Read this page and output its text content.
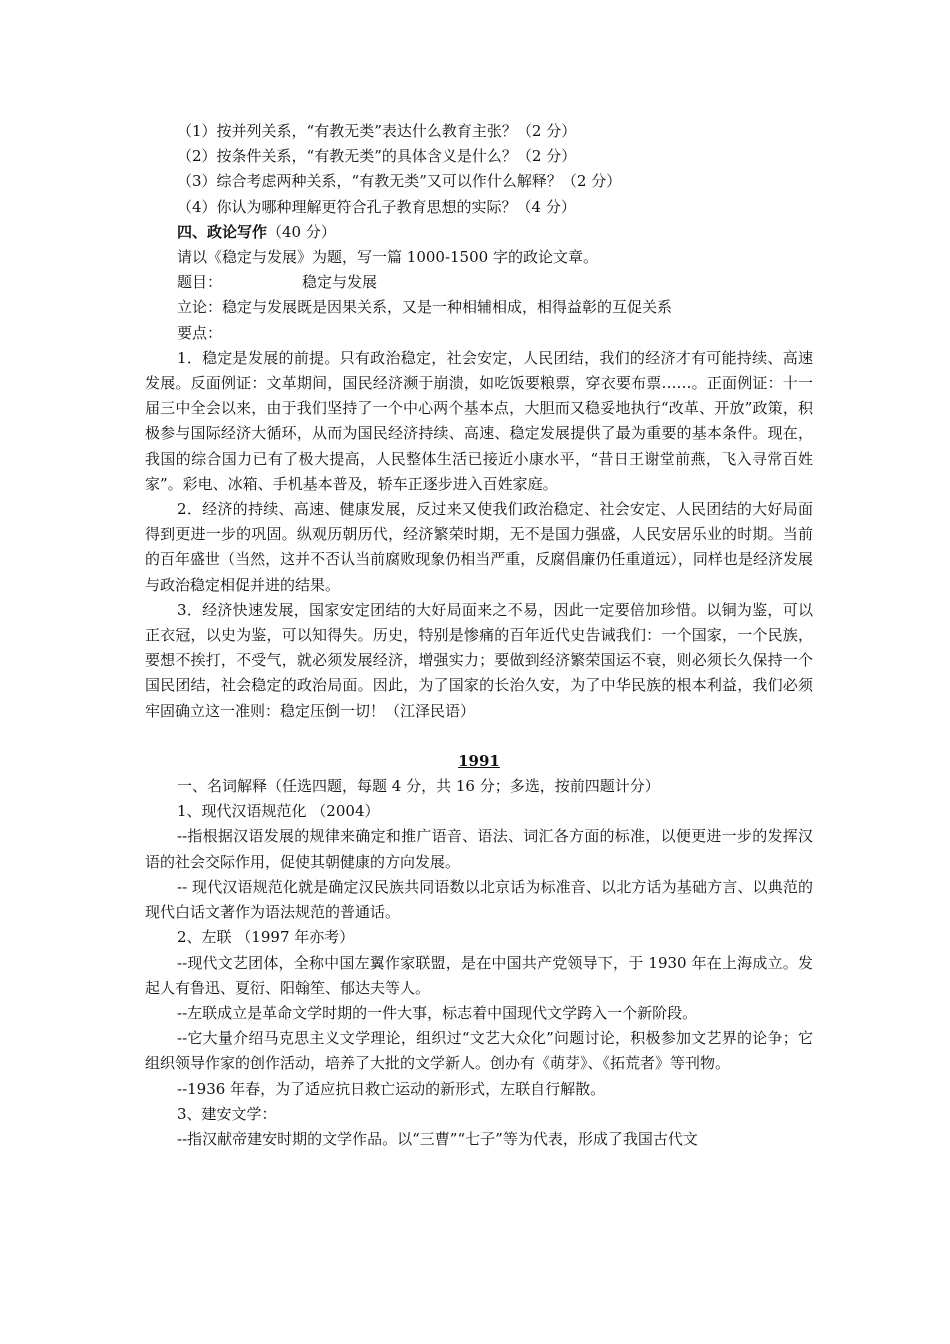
（1）按并列关系，“有教无类”表达什么教育主张？（2 分）

（2）按条件关系，“有教无类”的具体含义是什么？（2 分）

（3）综合考虑两种关系，“有教无类”又可以作什么解释？（2 分）

（4）你认为哪种理解更符合孔子教育思想的实际？（4 分）

四、政论写作（40 分）

请以《稳定与发展》为题，写一篇 1000-1500 字的政论文章。

题目：	稳定与发展

立论：稳定与发展既是因果关系，又是一种相辅相成，相得益彰的互促关系

要点：

1．稳定是发展的前提。只有政治稳定，社会安定，人民团结，我们的经济才有可能持续、高速发展。反面例证：文革期间，国民经济濒于崩溃，如吃饭要粮票，穿衣要布票……。正面例证：十一届三中全会以来，由于我们坚持了一个中心两个基本点，大胆而又稳妥地执行“改革、开放”政策，积极参与国际经济大循环，从而为国民经济持续、高速、稳定发展提供了最为重要的基本条件。现在，我国的综合国力已有了极大提高，人民整体生活已接近小康水平，“昔日王谢堂前燕，飞入寻常百姓家”。彩电、冰箱、手机基本普及，轿车正逐步进入百姓家庭。

2．经济的持续、高速、健康发展，反过来又使我们政治稳定、社会安定、人民团结的大好局面得到更进一步的巩固。纵观历朝历代，经济繁荣时期，无不是国力强盛，人民安居乐业的时期。当前的百年盛世（当然，这并不否认当前腐败现象仍相当严重，反腐倡廉仍任重道远），同样也是经济发展与政治稳定相促并进的结果。

3．经济快速发展，国家安定团结的大好局面来之不易，因此一定要倍加珍惜。以铜为鉴，可以正衣冠，以史为鉴，可以知得失。历史，特别是惨痛的百年近代史告诫我们：一个国家，一个民族，要想不挨打，不受气，就必须发展经济，增强实力；要做到经济繁荣国运不衰，则必须长久保持一个国民团结，社会稳定的政治局面。因此，为了国家的长治久安，为了中华民族的根本利益，我们必须牢固确立这一准则：稳定压倒一切！（江泽民语）

1991

一、名词解释（任选四题，每题 4 分，共 16 分；多选，按前四题计分）

1、现代汉语规范化 （2004）

--指根据汉语发展的规律来确定和推广语音、语法、词汇各方面的标准，以便更进一步的发挥汉语的社会交际作用，促使其朝健康的方向发展。

-- 现代汉语规范化就是确定汉民族共同语数以北京话为标准音、以北方话为基础方言、以典范的现代白话文著作为语法规范的普通话。

2、左联 （1997 年亦考）

--现代文艺团体，全称中国左翼作家联盟，是在中国共产党领导下，于 1930 年在上海成立。发起人有鲁迅、夏衍、阳翰笙、郁达夫等人。

--左联成立是革命文学时期的一件大事，标志着中国现代文学跨入一个新阶段。

--它大量介绍马克思主义文学理论，组织过“文艺大众化”问题讨论，积极参加文艺界的论争；它组织领导作家的创作活动，培养了大批的文学新人。创办有《萌芽》、《拓荒者》等刊物。

--1936 年春，为了适应抗日救亡运动的新形式，左联自行解散。

3、建安文学：

--指汉献帝建安时期的文学作品。以“三曹”“七子”等为代表，形成了我国古代文
